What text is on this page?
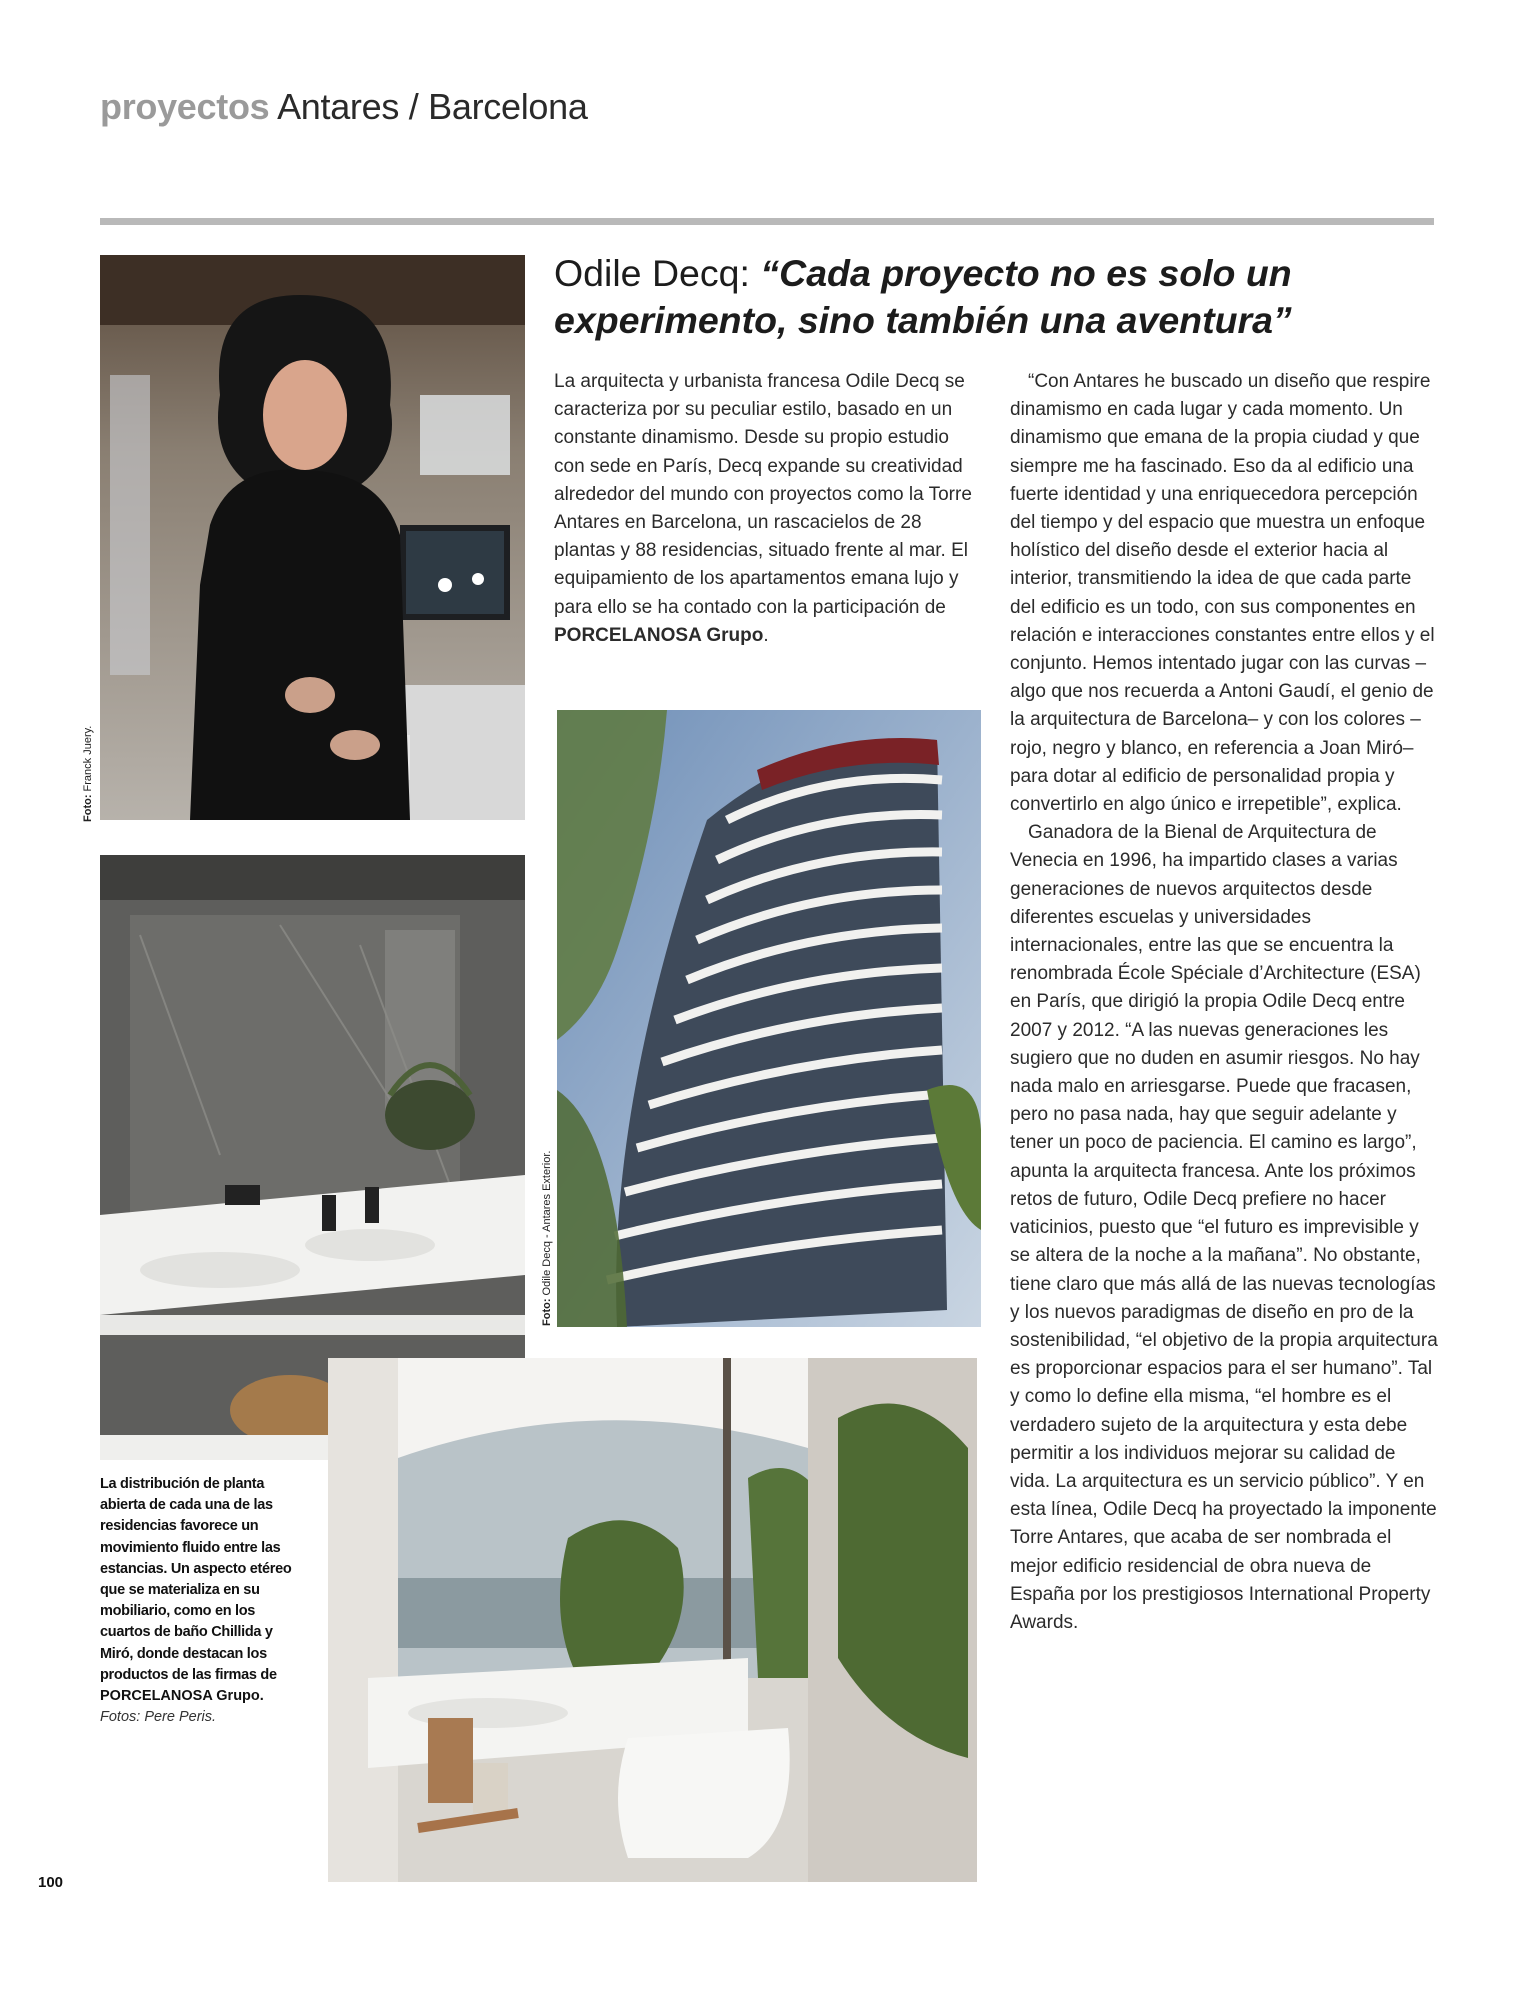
proyectos Antares / Barcelona
Foto: Franck Juery.
Foto: Odile Decq - Antares Exterior.
Odile Decq: “Cada proyecto no es solo un experimento, sino también una aventura”

La arquitecta y urbanista francesa Odile Decq se caracteriza por su peculiar estilo, basado en un constante dinamismo. Desde su propio estudio con sede en París, Decq expande su creatividad alrededor del mundo con proyectos como la Torre Antares en Barcelona, un rascacielos de 28 plantas y 88 residencias, situado frente al mar. El equipamiento de los apartamentos emana lujo y para ello se ha contado con la participación de PORCELANOSA Grupo.

“Con Antares he buscado un diseño que respire dinamismo en cada lugar y cada momento. Un dinamismo que emana de la propia ciudad y que siempre me ha fascinado. Eso da al edificio una fuerte identidad y una enriquecedora percepción del tiempo y del espacio que muestra un enfoque holístico del diseño desde el exterior hacia al interior, transmitiendo la idea de que cada parte del edificio es un todo, con sus componentes en relación e interacciones constantes entre ellos y el conjunto. Hemos intentado jugar con las curvas –algo que nos recuerda a Antoni Gaudí, el genio de la arquitectura de Barcelona– y con los colores –rojo, negro y blanco, en referencia a Joan Miró– para dotar al edificio de personalidad propia y convertirlo en algo único e irrepetible”, explica.

Ganadora de la Bienal de Arquitectura de Venecia en 1996, ha impartido clases a varias generaciones de nuevos arquitectos desde diferentes escuelas y universidades internacionales, entre las que se encuentra la renombrada École Spéciale d’Architecture (ESA) en París, que dirigió la propia Odile Decq entre 2007 y 2012. “A las nuevas generaciones les sugiero que no duden en asumir riesgos. No hay nada malo en arriesgarse. Puede que fracasen, pero no pasa nada, hay que seguir adelante y tener un poco de paciencia. El camino es largo”, apunta la arquitecta francesa. Ante los próximos retos de futuro, Odile Decq prefiere no hacer vaticinios, puesto que “el futuro es imprevisible y se altera de la noche a la mañana”. No obstante, tiene claro que más allá de las nuevas tecnologías y los nuevos paradigmas de diseño en pro de la sostenibilidad, “el objetivo de la propia arquitectura es proporcionar espacios para el ser humano”. Tal y como lo define ella misma, “el hombre es el verdadero sujeto de la arquitectura y esta debe permitir a los individuos mejorar su calidad de vida. La arquitectura es un servicio público”. Y en esta línea, Odile Decq ha proyectado la imponente Torre Antares, que acaba de ser nombrada el mejor edificio residencial de obra nueva de España por los prestigiosos International Property Awards.

La distribución de planta abierta de cada una de las residencias favorece un movimiento fluido entre las estancias. Un aspecto etéreo que se materializa en su mobiliario, como en los cuartos de baño Chillida y Miró, donde destacan los productos de las firmas de PORCELANOSA Grupo.
Fotos: Pere Peris.
100
